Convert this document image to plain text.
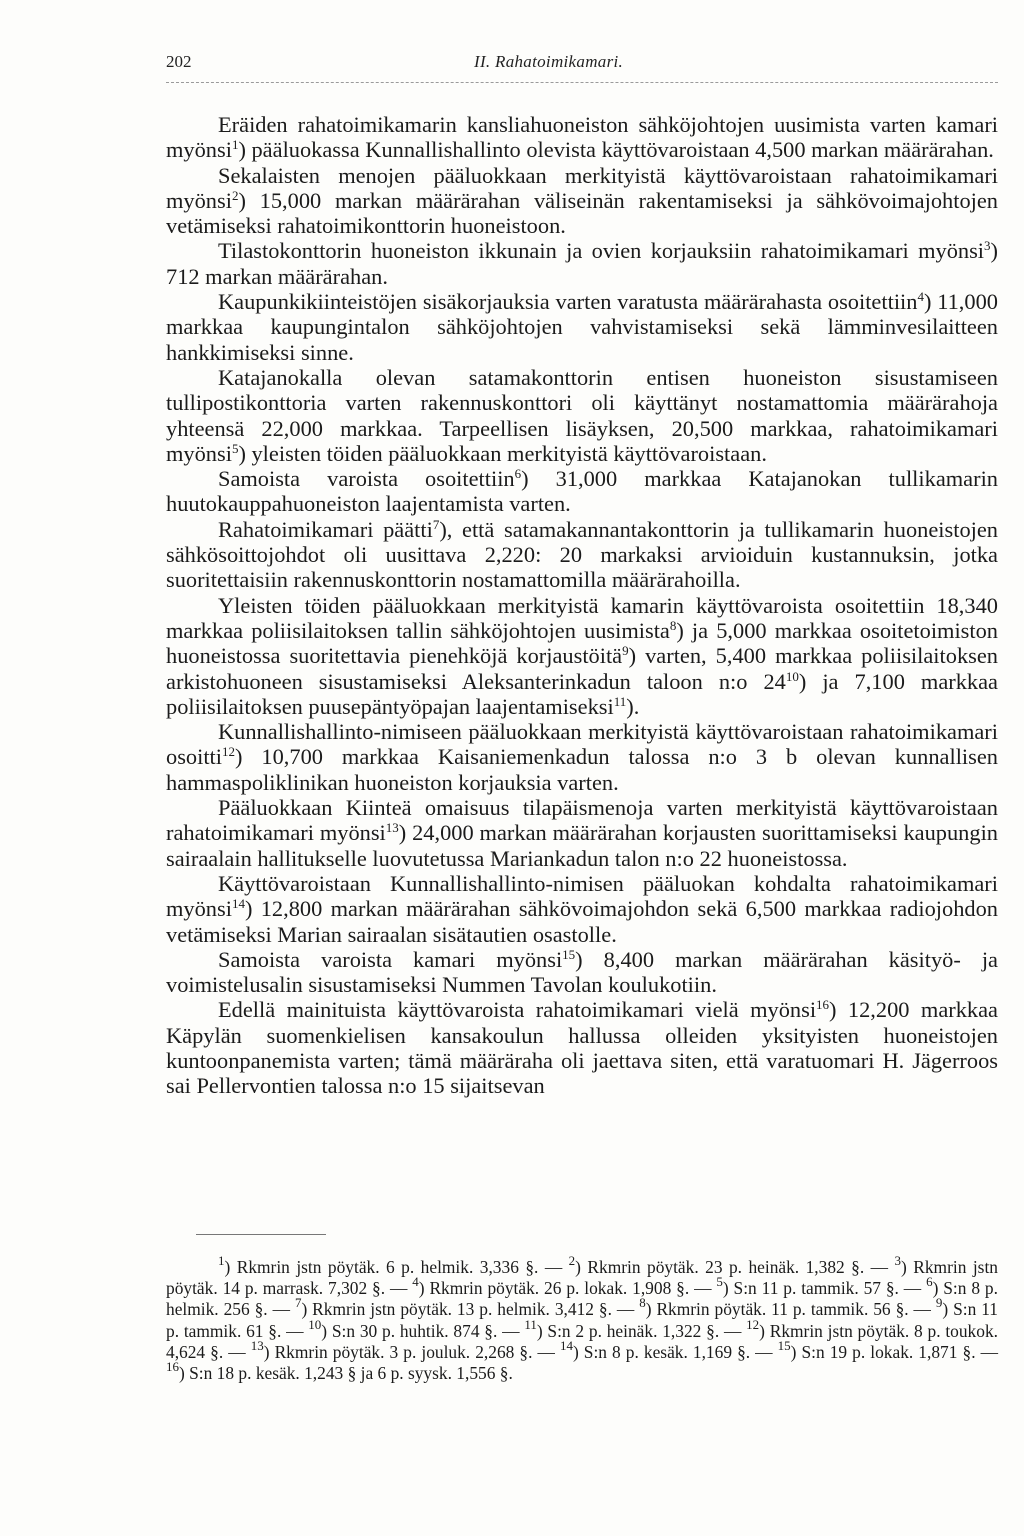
202	II. Rahatoimikamari.

Eräiden rahatoimikamarin kansliahuoneiston sähköjohtojen uusimista varten kamari myönsi$^1$) pääluokassa Kunnallishallinto olevista käyttövaroistaan 4,500 markan määrärahan.

Sekalaisten menojen pääluokkaan merkityistä käyttövaroistaan rahatoimikamari myönsi$^2$) 15,000 markan määrärahan väliseinän rakentamiseksi ja sähkövoimajohtojen vetämiseksi rahatoimikonttorin huoneistoon.

Tilastokonttorin huoneiston ikkunain ja ovien korjauksiin rahatoimikamari myönsi$^3$) 712 markan määrärahan.

Kaupunkikiinteistöjen sisäkorjauksia varten varatusta määrärahasta osoitettiin$^4$) 11,000 markkaa kaupungintalon sähköjohtojen vahvistamiseksi sekä lämminvesilaitteen hankkimiseksi sinne.

Katajanokalla olevan satamakonttorin entisen huoneiston sisustamiseen tullipostikonttoria varten rakennuskonttori oli käyttänyt nostamattomia määrärahoja yhteensä 22,000 markkaa. Tarpeellisen lisäyksen, 20,500 markkaa, rahatoimikamari myönsi$^5$) yleisten töiden pääluokkaan merkityistä käyttövaroistaan.

Samoista varoista osoitettiin$^6$) 31,000 markkaa Katajanokan tullikamarin huutokauppahuoneiston laajentamista varten.

Rahatoimikamari päätti$^7$), että satamakannantakonttorin ja tullikamarin huoneistojen sähkösoittojohdot oli uusittava 2,220: 20 markaksi arvioiduin kustannuksin, jotka suoritettaisiin rakennuskonttorin nostamattomilla määrärahoilla.

Yleisten töiden pääluokkaan merkityistä kamarin käyttövaroista osoitettiin 18,340 markkaa poliisilaitoksen tallin sähköjohtojen uusimista$^8$) ja 5,000 markkaa osoitetoimiston huoneistossa suoritettavia pienehköjä korjaustöitä$^9$) varten, 5,400 markkaa poliisilaitoksen arkistohuoneen sisustamiseksi Aleksanterinkadun taloon n:o 24$^{10}$) ja 7,100 markkaa poliisilaitoksen puusepäntyöpajan laajentamiseksi$^{11}$).

Kunnallishallinto-nimiseen pääluokkaan merkityistä käyttövaroistaan rahatoimikamari osoitti$^{12}$) 10,700 markkaa Kaisaniemenkadun talossa n:o 3 b olevan kunnallisen hammaspoliklinikan huoneiston korjauksia varten.

Pääluokkaan Kiinteä omaisuus tilapäismenoja varten merkityistä käyttövaroistaan rahatoimikamari myönsi$^{13}$) 24,000 markan määrärahan korjausten suorittamiseksi kaupungin sairaalain hallitukselle luovutetussa Mariankadun talon n:o 22 huoneistossa.

Käyttövaroistaan Kunnallishallinto-nimisen pääluokan kohdalta rahatoimikamari myönsi$^{14}$) 12,800 markan määrärahan sähkövoimajohdon sekä 6,500 markkaa radiojohdon vetämiseksi Marian sairaalan sisätautien osastolle.

Samoista varoista kamari myönsi$^{15}$) 8,400 markan määrärahan käsityö- ja voimistelusalin sisustamiseksi Nummen Tavolan koulukotiin.

Edellä mainituista käyttövaroista rahatoimikamari vielä myönsi$^{16}$) 12,200 markkaa Käpylän suomenkielisen kansakoulun hallussa olleiden yksityisten huoneistojen kuntoonpanemista varten; tämä määräraha oli jaettava siten, että varatuomari H. Jägerroos sai Pellervontien talossa n:o 15 sijaitsevan

$^1$) Rkmrin jstn pöytäk. 6 p. helmik. 3,336 §. — $^2$) Rkmrin pöytäk. 23 p. heinäk. 1,382 §. — $^3$) Rkmrin jstn pöytäk. 14 p. marrask. 7,302 §. — $^4$) Rkmrin pöytäk. 26 p. lokak. 1,908 §. — $^5$) S:n 11 p. tammik. 57 §. — $^6$) S:n 8 p. helmik. 256 §. — $^7$) Rkmrin jstn pöytäk. 13 p. helmik. 3,412 §. — $^8$) Rkmrin pöytäk. 11 p. tammik. 56 §. — $^9$) S:n 11 p. tammik. 61 §. — $^{10}$) S:n 30 p. huhtik. 874 §. — $^{11}$) S:n 2 p. heinäk. 1,322 §. — $^{12}$) Rkmrin jstn pöytäk. 8 p. toukok. 4,624 §. — $^{13}$) Rkmrin pöytäk. 3 p. jouluk. 2,268 §. — $^{14}$) S:n 8 p. kesäk. 1,169 §. — $^{15}$) S:n 19 p. lokak. 1,871 §. — $^{16}$) S:n 18 p. kesäk. 1,243 § ja 6 p. syysk. 1,556 §.
